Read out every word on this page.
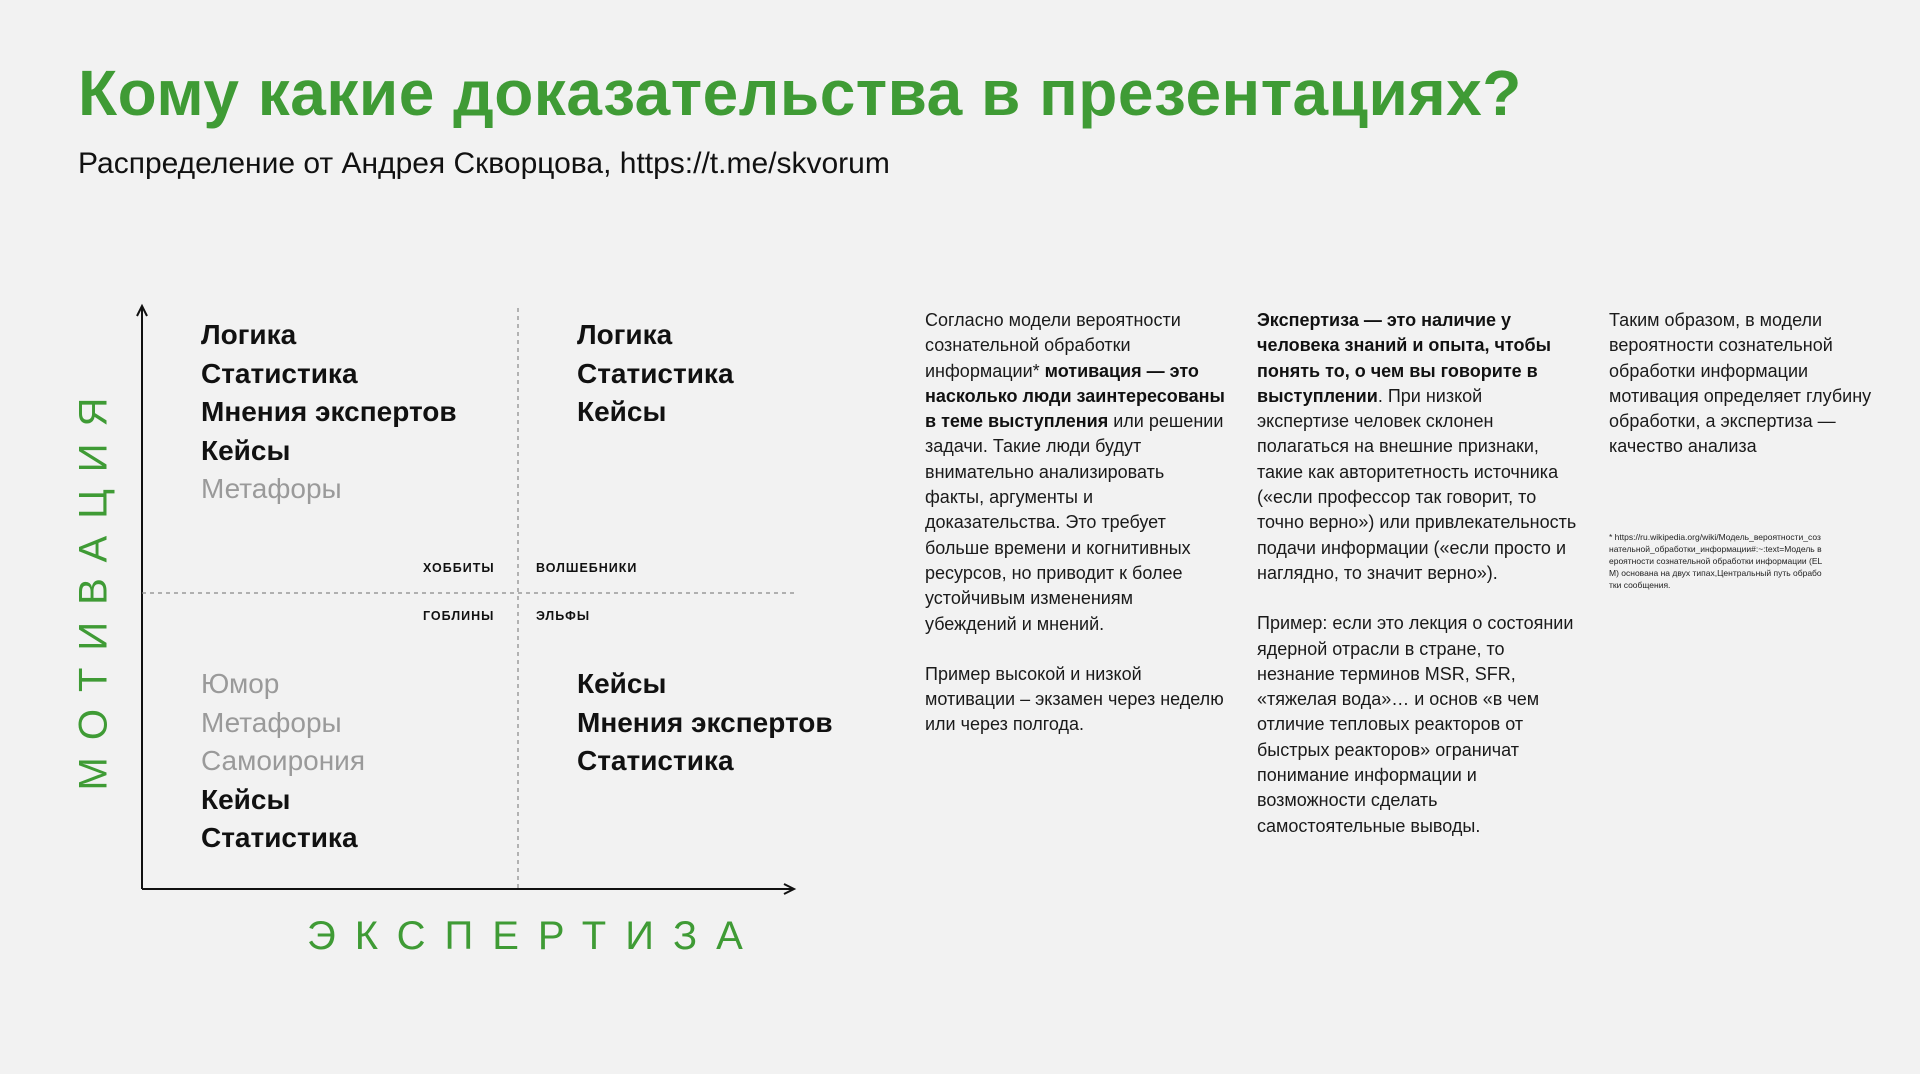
Кому какие доказательства в презентациях?
Распределение от Андрея Скворцова, https://t.me/skvorum
Логика
Статистика
Мнения экспертов
Кейсы
Метафоры
Логика
Статистика
Кейсы
Юмор
Метафоры
Самоирония
Кейсы
Статистика
Кейсы
Мнения экспертов
Статистика
ХОББИТЫ	ВОЛШЕБНИКИ
ГОБЛИНЫ	ЭЛЬФЫ
МОТИВАЦИЯ
ЭКСПЕРТИЗА

Согласно модели вероятности сознательной обработки информации* мотивация — это насколько люди заинтересованы в теме выступления или решении задачи. Такие люди будут внимательно анализировать факты, аргументы и доказательства. Это требует больше времени и когнитивных ресурсов, но приводит к более устойчивым изменениям убеждений и мнений.

Пример высокой и низкой мотивации – экзамен через неделю или через полгода.

Экспертиза — это наличие у человека знаний и опыта, чтобы понять то, о чем вы говорите в выступлении. При низкой экспертизе человек склонен полагаться на внешние признаки, такие как авторитетность источника («если профессор так говорит, то точно верно») или привлекательность подачи информации («если просто и наглядно, то значит верно»).

Пример: если это лекция о состоянии ядерной отрасли в стране, то незнание терминов MSR, SFR, «тяжелая вода»… и основ «в чем отличие тепловых реакторов от быстрых реакторов» ограничат понимание информации и возможности сделать самостоятельные выводы.

Таким образом, в модели вероятности сознательной обработки информации мотивация определяет глубину обработки, а экспертиза — качество анализа

* https://ru.wikipedia.org/wiki/Модель_вероятности_сознательной_обработки_информации#:~:text=Модель вероятности сознательной обработки информации (ELM) основана на двух типах,Центральный путь обработки сообщения.
